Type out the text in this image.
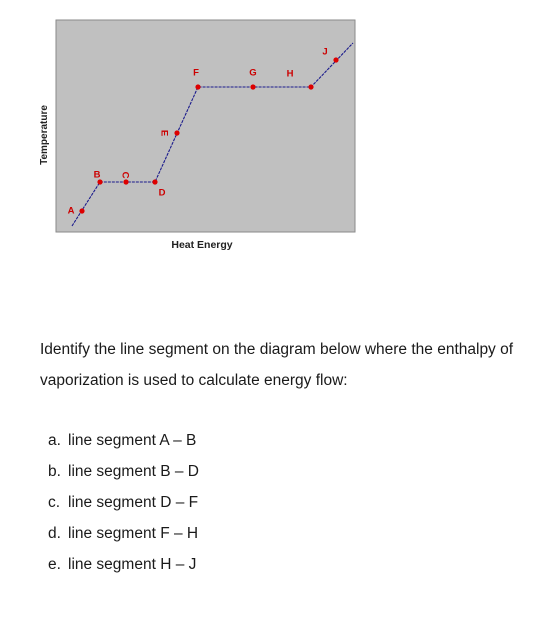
Temperature
Heat Energy
A
B C
D
E
F	G	H
J

Identify the line segment on the diagram below where the enthalpy of vaporization is used to calculate energy flow:

a. line segment A – B
b. line segment B – D
c. line segment D – F
d. line segment F – H
e. line segment H – J
